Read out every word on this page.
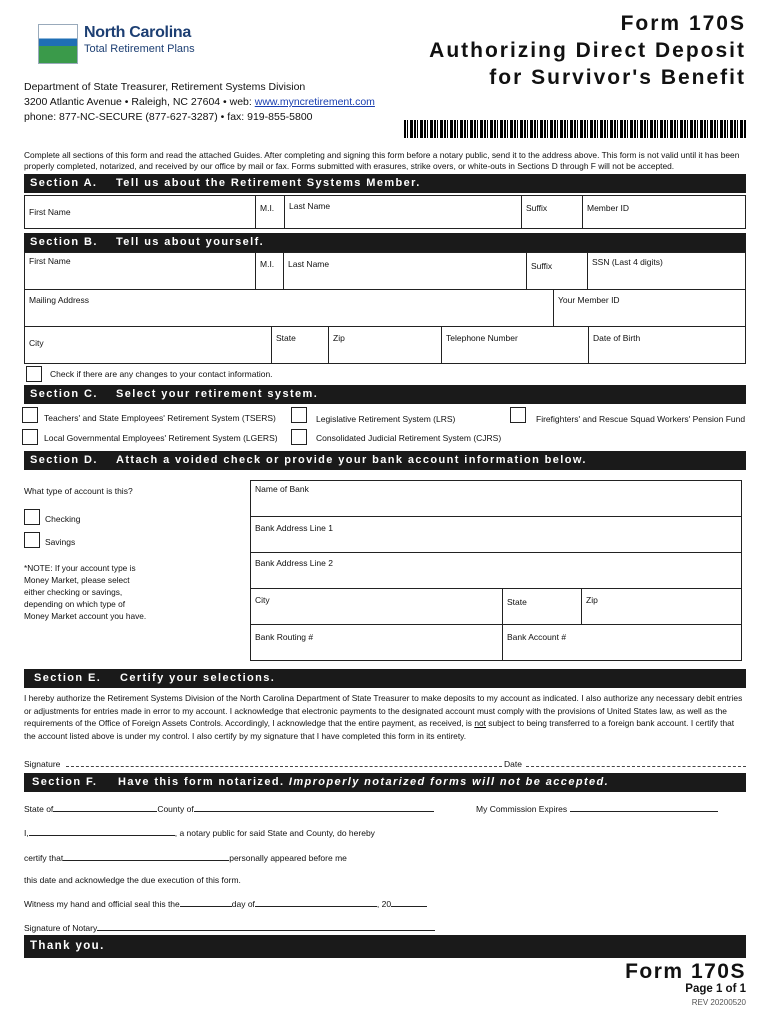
North Carolina
Total Retirement Plans
Department of State Treasurer, Retirement Systems Division
3200 Atlantic Avenue • Raleigh, NC 27604 • web: www.myncretirement.com
phone: 877-NC-SECURE (877-627-3287) • fax: 919-855-5800
Form 170S
Authorizing Direct Deposit
for Survivor's Benefit
Complete all sections of this form and read the attached Guides. After completing and signing this form before a notary public, send it to the address above. This form is not valid until it has been properly completed, notarized, and received by our office by mail or fax. Forms submitted with erasures, strike overs, or white-outs in Sections D through F will not be accepted.
Section A. Tell us about the Retirement Systems Member.
First Name	M.I.	Last Name	Suffix	Member ID
Section B. Tell us about yourself.
First Name	M.I.	Last Name	Suffix	SSN (Last 4 digits)
Mailing Address	Your Member ID
City	State	Zip	Telephone Number	Date of Birth
Check if there are any changes to your contact information.
Section C. Select your retirement system.
Teachers' and State Employees' Retirement System (TSERS)	Legislative Retirement System (LRS)	Firefighters' and Rescue Squad Workers' Pension Fund
Local Governmental Employees' Retirement System (LGERS)	Consolidated Judicial Retirement System (CJRS)
Section D. Attach a voided check or provide your bank account information below.
What type of account is this?
Checking
Savings
*NOTE: If your account type is
Money Market, please select
either checking or savings,
depending on which type of
Money Market account you have.
Name of Bank
Bank Address Line 1
Bank Address Line 2
City	State	Zip
Bank Routing #	Bank Account #
Section E. Certify your selections.
I hereby authorize the Retirement Systems Division of the North Carolina Department of State Treasurer to make deposits to my account as indicated. I also authorize any necessary debit entries or adjustments for entries made in error to my account. I acknowledge that electronic payments to the designated account must comply with the provisions of United States law, as well as the requirements of the Office of Foreign Assets Controls. Accordingly, I acknowledge that the entire payment, as received, is not subject to being transferred to a foreign bank account. I certify that the account listed above is under my control. I also certify by my signature that I have completed this form in its entirety.
Signature	Date
Section F. Have this form notarized. Improperly notarized forms will not be accepted.
State of	County of	My Commission Expires
I,	, a notary public for said State and County, do hereby
certify that	personally appeared before me
this date and acknowledge the due execution of this form.
Witness my hand and official seal this the	day of	, 20
Signature of Notary
Thank you.
Form 170S
Page 1 of 1
REV 20200520
